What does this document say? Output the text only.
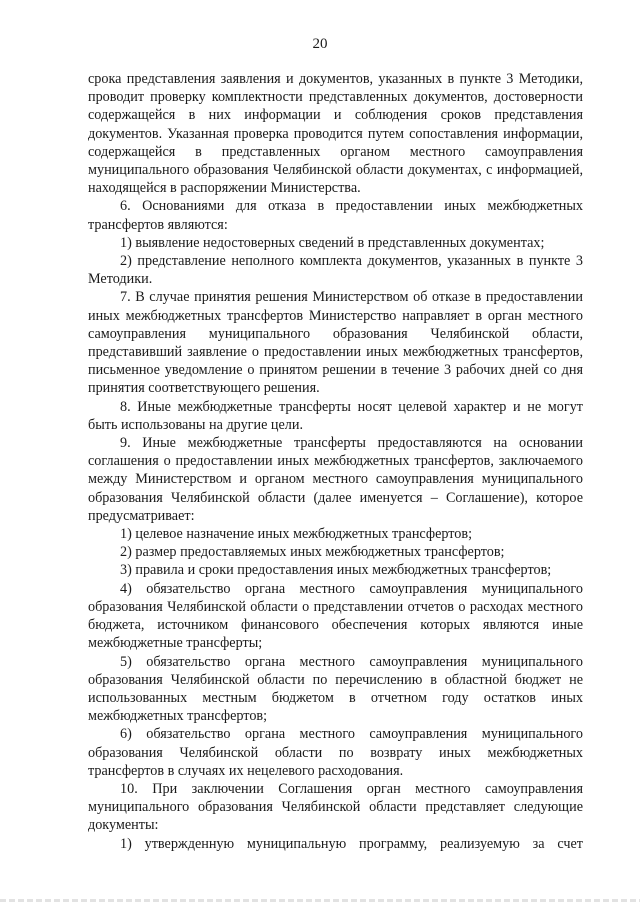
20

срока представления заявления и документов, указанных в пункте 3 Методики, проводит проверку комплектности представленных документов, достоверности содержащейся в них информации и соблюдения сроков представления документов. Указанная проверка проводится путем сопоставления информации, содержащейся в представленных органом местного самоуправления муниципального образования Челябинской области документах, с информацией, находящейся в распоряжении Министерства.

6. Основаниями для отказа в предоставлении иных межбюджетных трансфертов являются:

1) выявление недостоверных сведений в представленных документах;

2) представление неполного комплекта документов, указанных в пункте 3 Методики.

7. В случае принятия решения Министерством об отказе в предоставлении иных межбюджетных трансфертов Министерство направляет в орган местного самоуправления муниципального образования Челябинской области, представивший заявление о предоставлении иных межбюджетных трансфертов, письменное уведомление о принятом решении в течение 3 рабочих дней со дня принятия соответствующего решения.

8. Иные межбюджетные трансферты носят целевой характер и не могут быть использованы на другие цели.

9. Иные межбюджетные трансферты предоставляются на основании соглашения о предоставлении иных межбюджетных трансфертов, заключаемого между Министерством и органом местного самоуправления муниципального образования Челябинской области (далее именуется – Соглашение), которое предусматривает:

1) целевое назначение иных межбюджетных трансфертов;

2) размер предоставляемых иных межбюджетных трансфертов;

3) правила и сроки предоставления иных межбюджетных трансфертов;

4) обязательство органа местного самоуправления муниципального образования Челябинской области о представлении отчетов о расходах местного бюджета, источником финансового обеспечения которых являются иные межбюджетные трансферты;

5) обязательство органа местного самоуправления муниципального образования Челябинской области по перечислению в областной бюджет не использованных местным бюджетом в отчетном году остатков иных межбюджетных трансфертов;

6) обязательство органа местного самоуправления муниципального образования Челябинской области по возврату иных межбюджетных трансфертов в случаях их нецелевого расходования.

10. При заключении Соглашения орган местного самоуправления муниципального образования Челябинской области представляет следующие документы:

1) утвержденную муниципальную программу, реализуемую за счет
